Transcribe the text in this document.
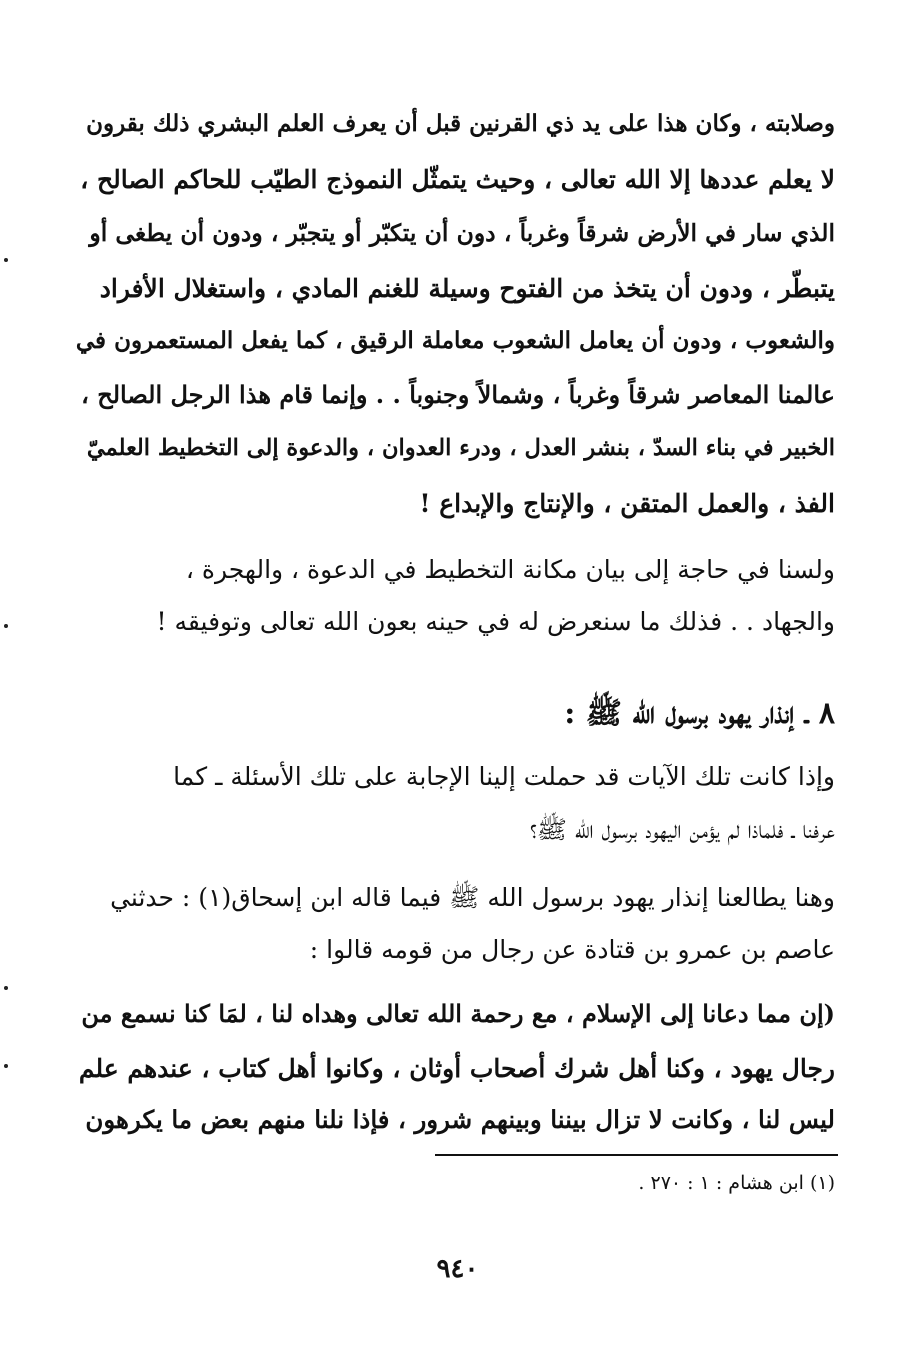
وصلابته ، وكان هذا على يد ذي القرنين قبل أن يعرف العلم البشري ذلك بقرون
لا يعلم عددها إلا الله تعالى ، وحيث يتمثّل النموذج الطيّب للحاكم الصالح ،
الذي سار في الأرض شرقاً وغرباً ، دون أن يتكبّر أو يتجبّر ، ودون أن يطغى أو
يتبطّر ، ودون أن يتخذ من الفتوح وسيلة للغنم المادي ، واستغلال الأفراد
والشعوب ، ودون أن يعامل الشعوب معاملة الرقيق ، كما يفعل المستعمرون في
عالمنا المعاصر شرقاً وغرباً ، وشمالاً وجنوباً . . وإنما قام هذا الرجل الصالح ،
الخبير في بناء السدّ ، بنشر العدل ، ودرء العدوان ، والدعوة إلى التخطيط العلميّ
الفذ ، والعمل المتقن ، والإنتاج والإبداع !
ولسنا في حاجة إلى بيان مكانة التخطيط في الدعوة ، والهجرة ،
والجهاد . . فذلك ما سنعرض له في حينه بعون الله تعالى وتوفيقه !
٨ ـ إنذار يهود برسول الله ﷺ :
وإذا كانت تلك الآيات قد حملت إلينا الإجابة على تلك الأسئلة ـ كما
عرفنا ـ فلماذا لم يؤمن اليهود برسول الله ﷺ؟
وهنا يطالعنا إنذار يهود برسول الله ﷺ فيما قاله ابن إسحاق(١) : حدثني
عاصم بن عمرو بن قتادة عن رجال من قومه قالوا :
(إن مما دعانا إلى الإسلام ، مع رحمة الله تعالى وهداه لنا ، لمَا كنا نسمع من
رجال يهود ، وكنا أهل شرك أصحاب أوثان ، وكانوا أهل كتاب ، عندهم علم
ليس لنا ، وكانت لا تزال بيننا وبينهم شرور ، فإذا نلنا منهم بعض ما يكرهون
(١) ابن هشام : ١ : ٢٧٠ .
٩٤٠
